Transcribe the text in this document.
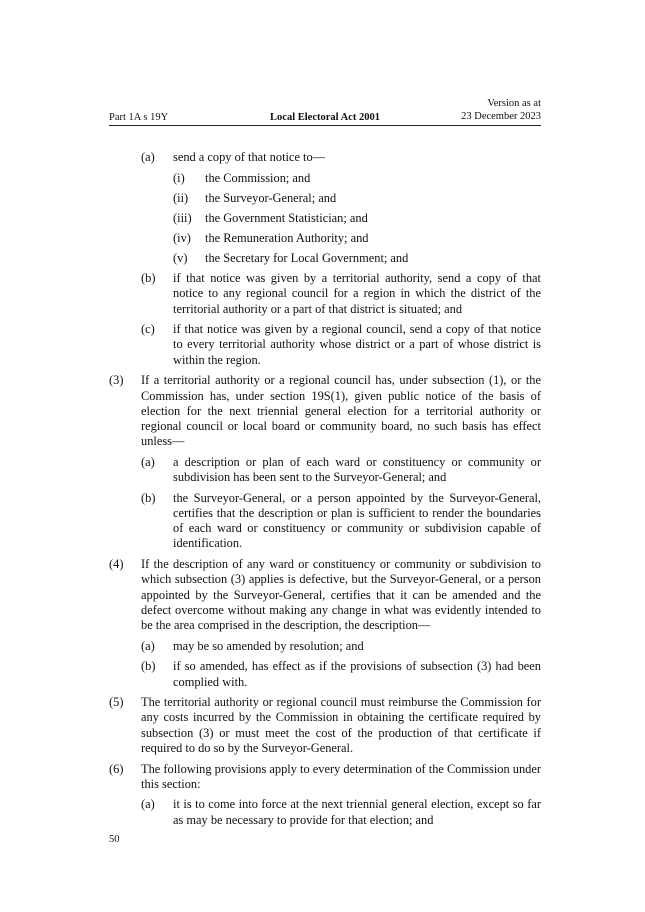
Part 1A s 19Y	Local Electoral Act 2001
Version as at
23 December 2023
(a)	send a copy of that notice to—
(i)	the Commission; and
(ii)	the Surveyor-General; and
(iii)	the Government Statistician; and
(iv)	the Remuneration Authority; and
(v)	the Secretary for Local Government; and
(b)	if that notice was given by a territorial authority, send a copy of that notice to any regional council for a region in which the district of the territorial authority or a part of that district is situated; and
(c)	if that notice was given by a regional council, send a copy of that notice to every territorial authority whose district or a part of whose district is within the region.
(3)	If a territorial authority or a regional council has, under subsection (1), or the Commission has, under section 19S(1), given public notice of the basis of election for the next triennial general election for a territorial authority or regional council or local board or community board, no such basis has effect unless—
(a)	a description or plan of each ward or constituency or community or subdivision has been sent to the Surveyor-General; and
(b)	the Surveyor-General, or a person appointed by the Surveyor-General, certifies that the description or plan is sufficient to render the boundaries of each ward or constituency or community or subdivision capable of identification.
(4)	If the description of any ward or constituency or community or subdivision to which subsection (3) applies is defective, but the Surveyor-General, or a person appointed by the Surveyor-General, certifies that it can be amended and the defect overcome without making any change in what was evidently intended to be the area comprised in the description, the description—
(a)	may be so amended by resolution; and
(b)	if so amended, has effect as if the provisions of subsection (3) had been complied with.
(5)	The territorial authority or regional council must reimburse the Commission for any costs incurred by the Commission in obtaining the certificate required by subsection (3) or must meet the cost of the production of that certificate if required to do so by the Surveyor-General.
(6)	The following provisions apply to every determination of the Commission under this section:
(a)	it is to come into force at the next triennial general election, except so far as may be necessary to provide for that election; and
50
